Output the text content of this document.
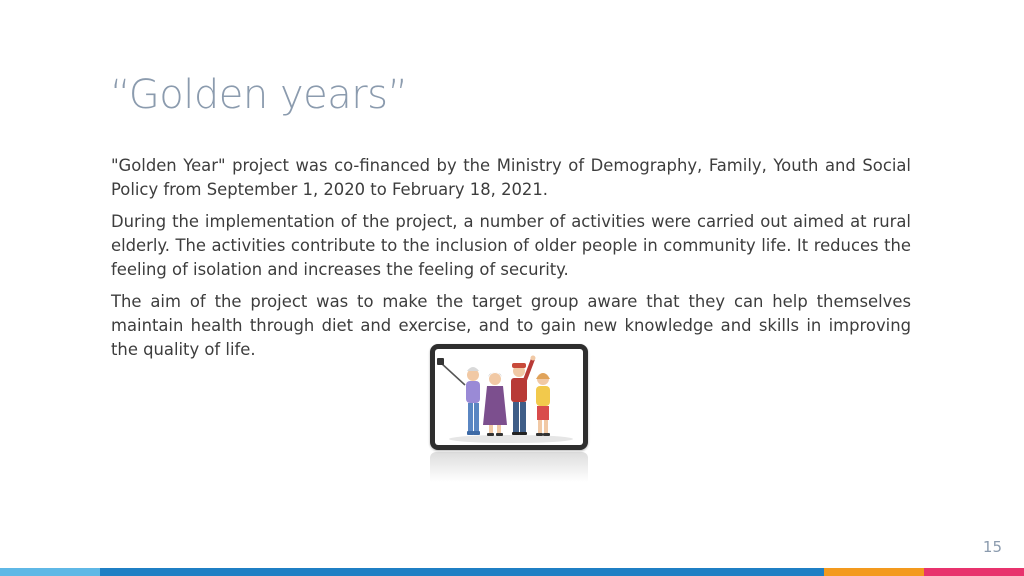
“Golden years”

"Golden Year" project was co-financed by the Ministry of Demography, Family, Youth and Social Policy from September 1, 2020 to February 18, 2021.

During the implementation of the project, a number of activities were carried out aimed at rural elderly. The activities contribute to the inclusion of older people in community life. It reduces the feeling of isolation and increases the feeling of security.

The aim of the project was to make the target group aware that they can help themselves maintain health through diet and exercise, and to gain new knowledge and skills in improving the quality of life.

15
